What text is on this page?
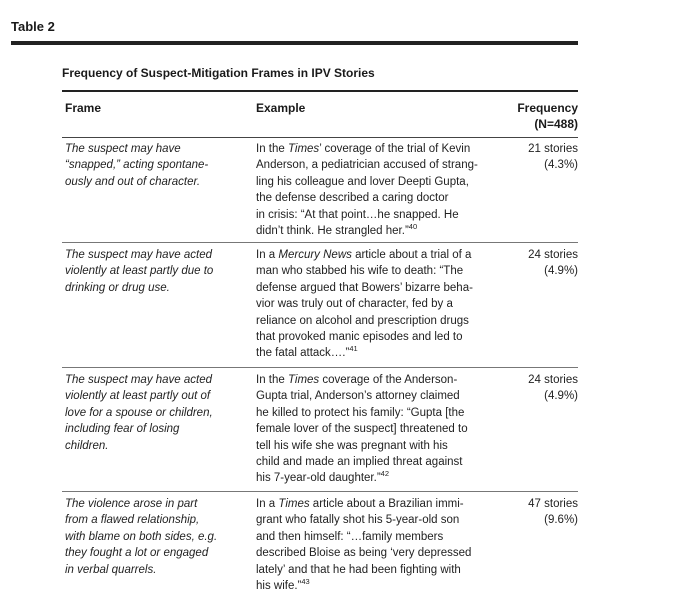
Table 2
Frequency of Suspect-Mitigation Frames in IPV Stories
Frame	Example	Frequency
(N=488)
The suspect may have
“snapped,” acting spontane-
ously and out of character.
In the Times’ coverage of the trial of Kevin
Anderson, a pediatrician accused of strang-
ling his colleague and lover Deepti Gupta,
the defense described a caring doctor
in crisis: “At that point…he snapped. He
didn’t think. He strangled her.”$^{40}$
21 stories
(4.3%)
The suspect may have acted
violently at least partly due to
drinking or drug use.
In a Mercury News article about a trial of a
man who stabbed his wife to death: “The
defense argued that Bowers’ bizarre beha-
vior was truly out of character, fed by a
reliance on alcohol and prescription drugs
that provoked manic episodes and led to
the fatal attack….”$^{41}$
24 stories
(4.9%)
The suspect may have acted
violently at least partly out of
love for a spouse or children,
including fear of losing
children.
In the Times coverage of the Anderson-
Gupta trial, Anderson’s attorney claimed
he killed to protect his family: “Gupta [the
female lover of the suspect] threatened to
tell his wife she was pregnant with his
child and made an implied threat against
his 7-year-old daughter.”$^{42}$
24 stories
(4.9%)
The violence arose in part
from a flawed relationship,
with blame on both sides, e.g.
they fought a lot or engaged
in verbal quarrels.
In a Times article about a Brazilian immi-
grant who fatally shot his 5-year-old son
and then himself: “…family members
described Bloise as being ‘very depressed
lately’ and that he had been fighting with
his wife.”$^{43}$
47 stories
(9.6%)
